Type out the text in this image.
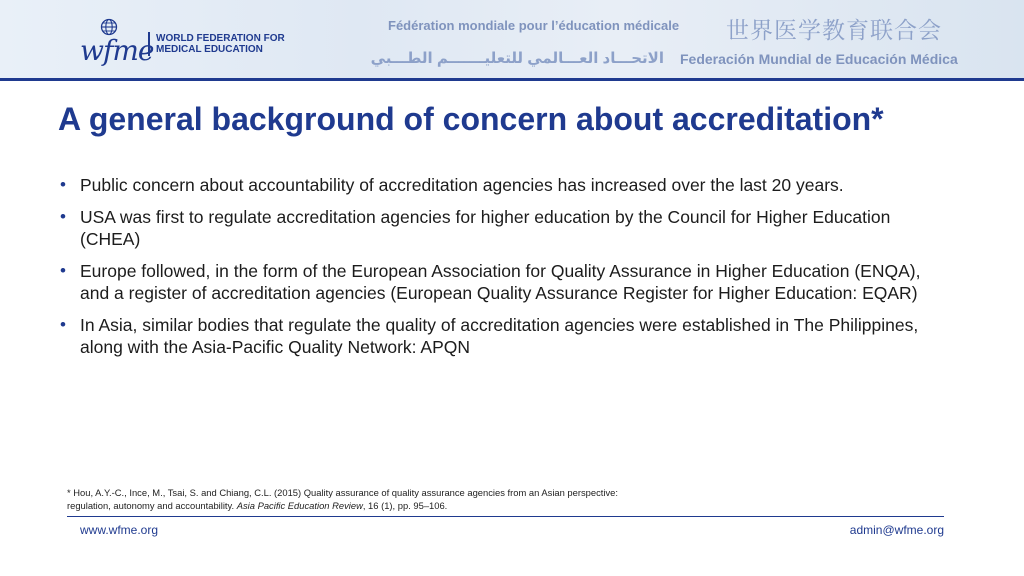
wfme WORLD FEDERATION FOR
MEDICAL EDUCATION
Fédération mondiale pour l’éducation médicale 世界医学教育联合会
الاتحـــاد العـــالمي للتعليـــــــم الطـــبي Federación Mundial de Educación Médica
A general background of concern about accreditation*
• Public concern about accountability of accreditation agencies has increased over the last 20 years.
• USA was first to regulate accreditation agencies for higher education by the Council for Higher Education (CHEA)
• Europe followed, in the form of the European Association for Quality Assurance in Higher Education (ENQA), and a register of accreditation agencies (European Quality Assurance Register for Higher Education: EQAR)
• In Asia, similar bodies that regulate the quality of accreditation agencies were established in The Philippines, along with the Asia-Pacific Quality Network: APQN
* Hou, A.Y.-C., Ince, M., Tsai, S. and Chiang, C.L. (2015) Quality assurance of quality assurance agencies from an Asian perspective: regulation, autonomy and accountability. Asia Pacific Education Review, 16 (1), pp. 95–106.
www.wfme.org	admin@wfme.org
